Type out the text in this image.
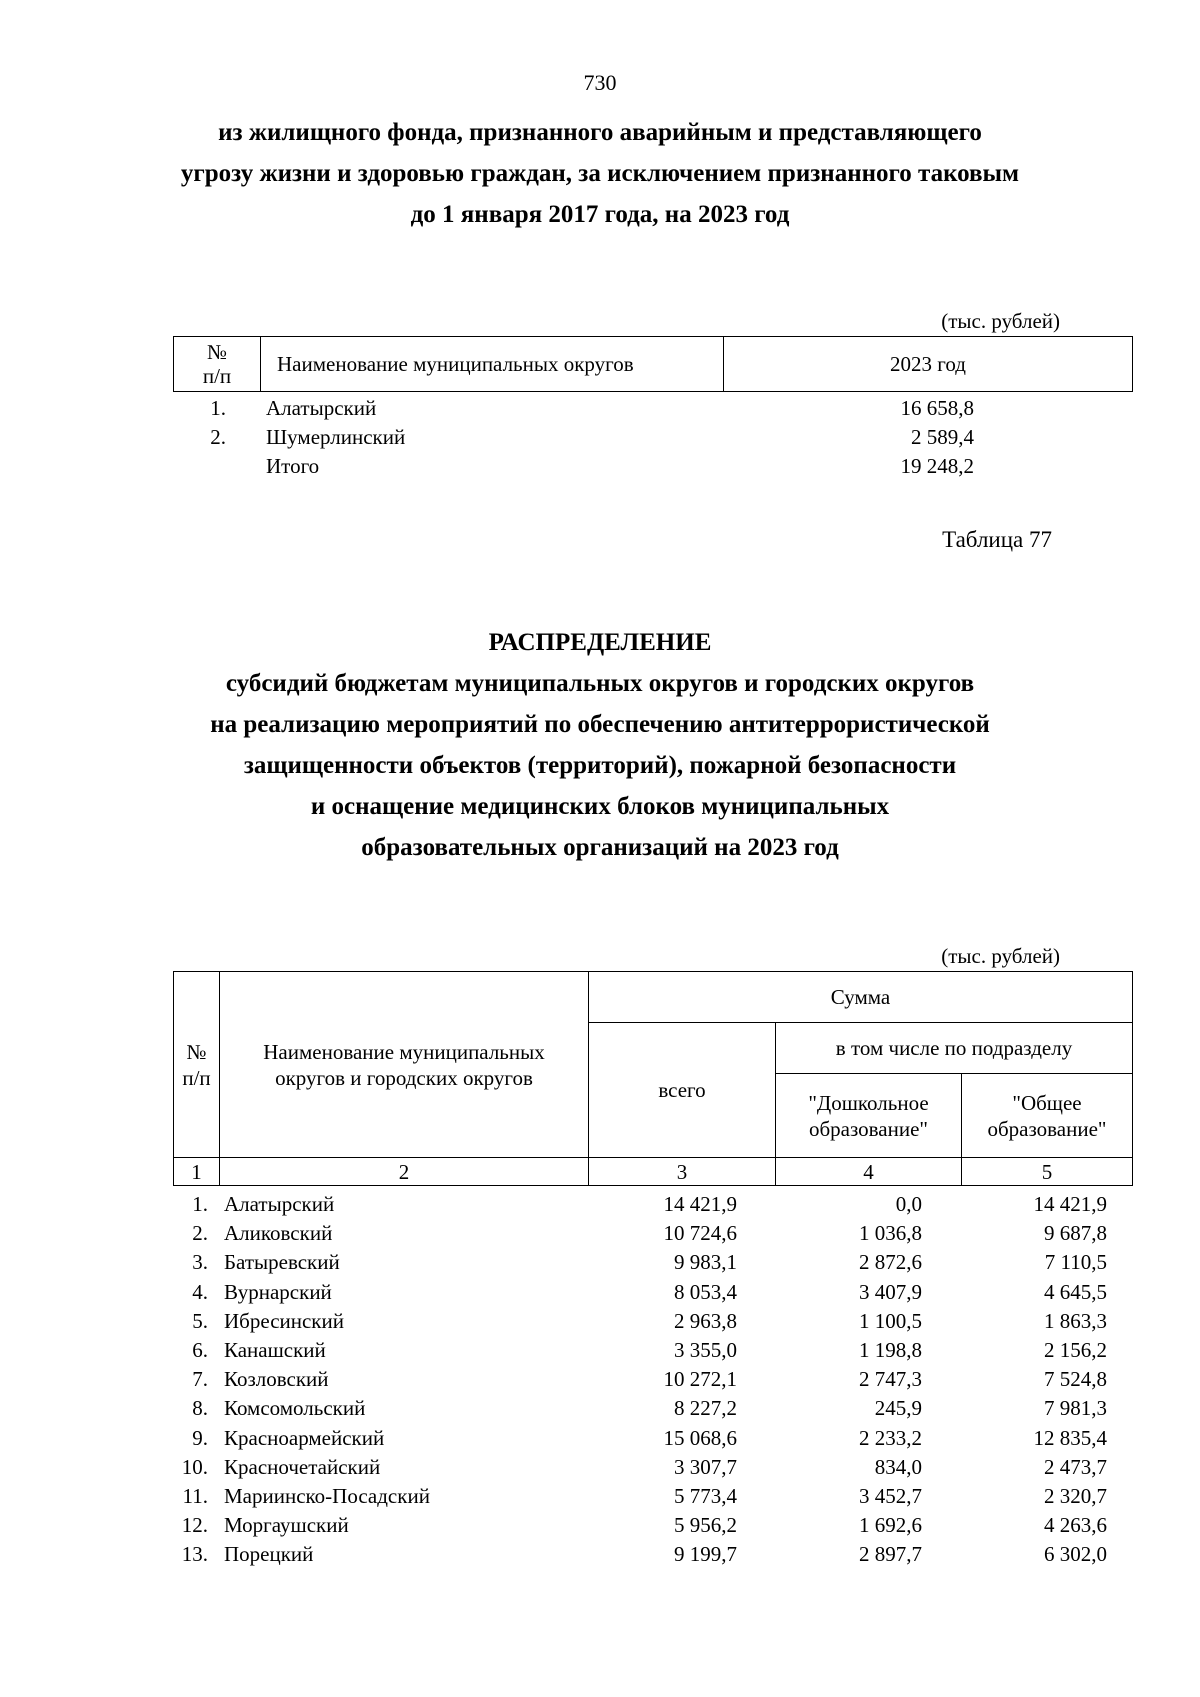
730
из жилищного фонда, признанного аварийным и представляющего
угрозу жизни и здоровью граждан, за исключением признанного таковым
до 1 января 2017 года, на 2023 год
(тыс. рублей)
№
п/п
	Наименование муниципальных округов	2023 год
1. Алатырский	16 658,8
2. Шумерлинский	2 589,4
Итого	19 248,2
Таблица 77
РАСПРЕДЕЛЕНИЕ
субсидий бюджетам муниципальных округов и городских округов
на реализацию мероприятий по обеспечению антитеррористической
защищенности объектов (территорий), пожарной безопасности
и оснащение медицинских блоков муниципальных
образовательных организаций на 2023 год
(тыс. рублей)
№ п/п	Наименование муниципальных округов и городских округов	Сумма		
		всего	в том числе по подразделу	

			"Дошкольное образование"	"Общее образование"

1	2	3	4	5
1. Алатырский	14 421,9	0,0	14 421,9
2. Аликовский	10 724,6	1 036,8	9 687,8
3. Батыревский	9 983,1	2 872,6	7 110,5
4. Вурнарский	8 053,4	3 407,9	4 645,5
5. Ибресинский	2 963,8	1 100,5	1 863,3
6. Канашский	3 355,0	1 198,8	2 156,2
7. Козловский	10 272,1	2 747,3	7 524,8
8. Комсомольский	8 227,2	245,9	7 981,3
9. Красноармейский	15 068,6	2 233,2	12 835,4
10. Красночетайский	3 307,7	834,0	2 473,7
11. Мариинско-Посадский	5 773,4	3 452,7	2 320,7
12. Моргаушский	5 956,2	1 692,6	4 263,6
13. Порецкий	9 199,7	2 897,7	6 302,0
